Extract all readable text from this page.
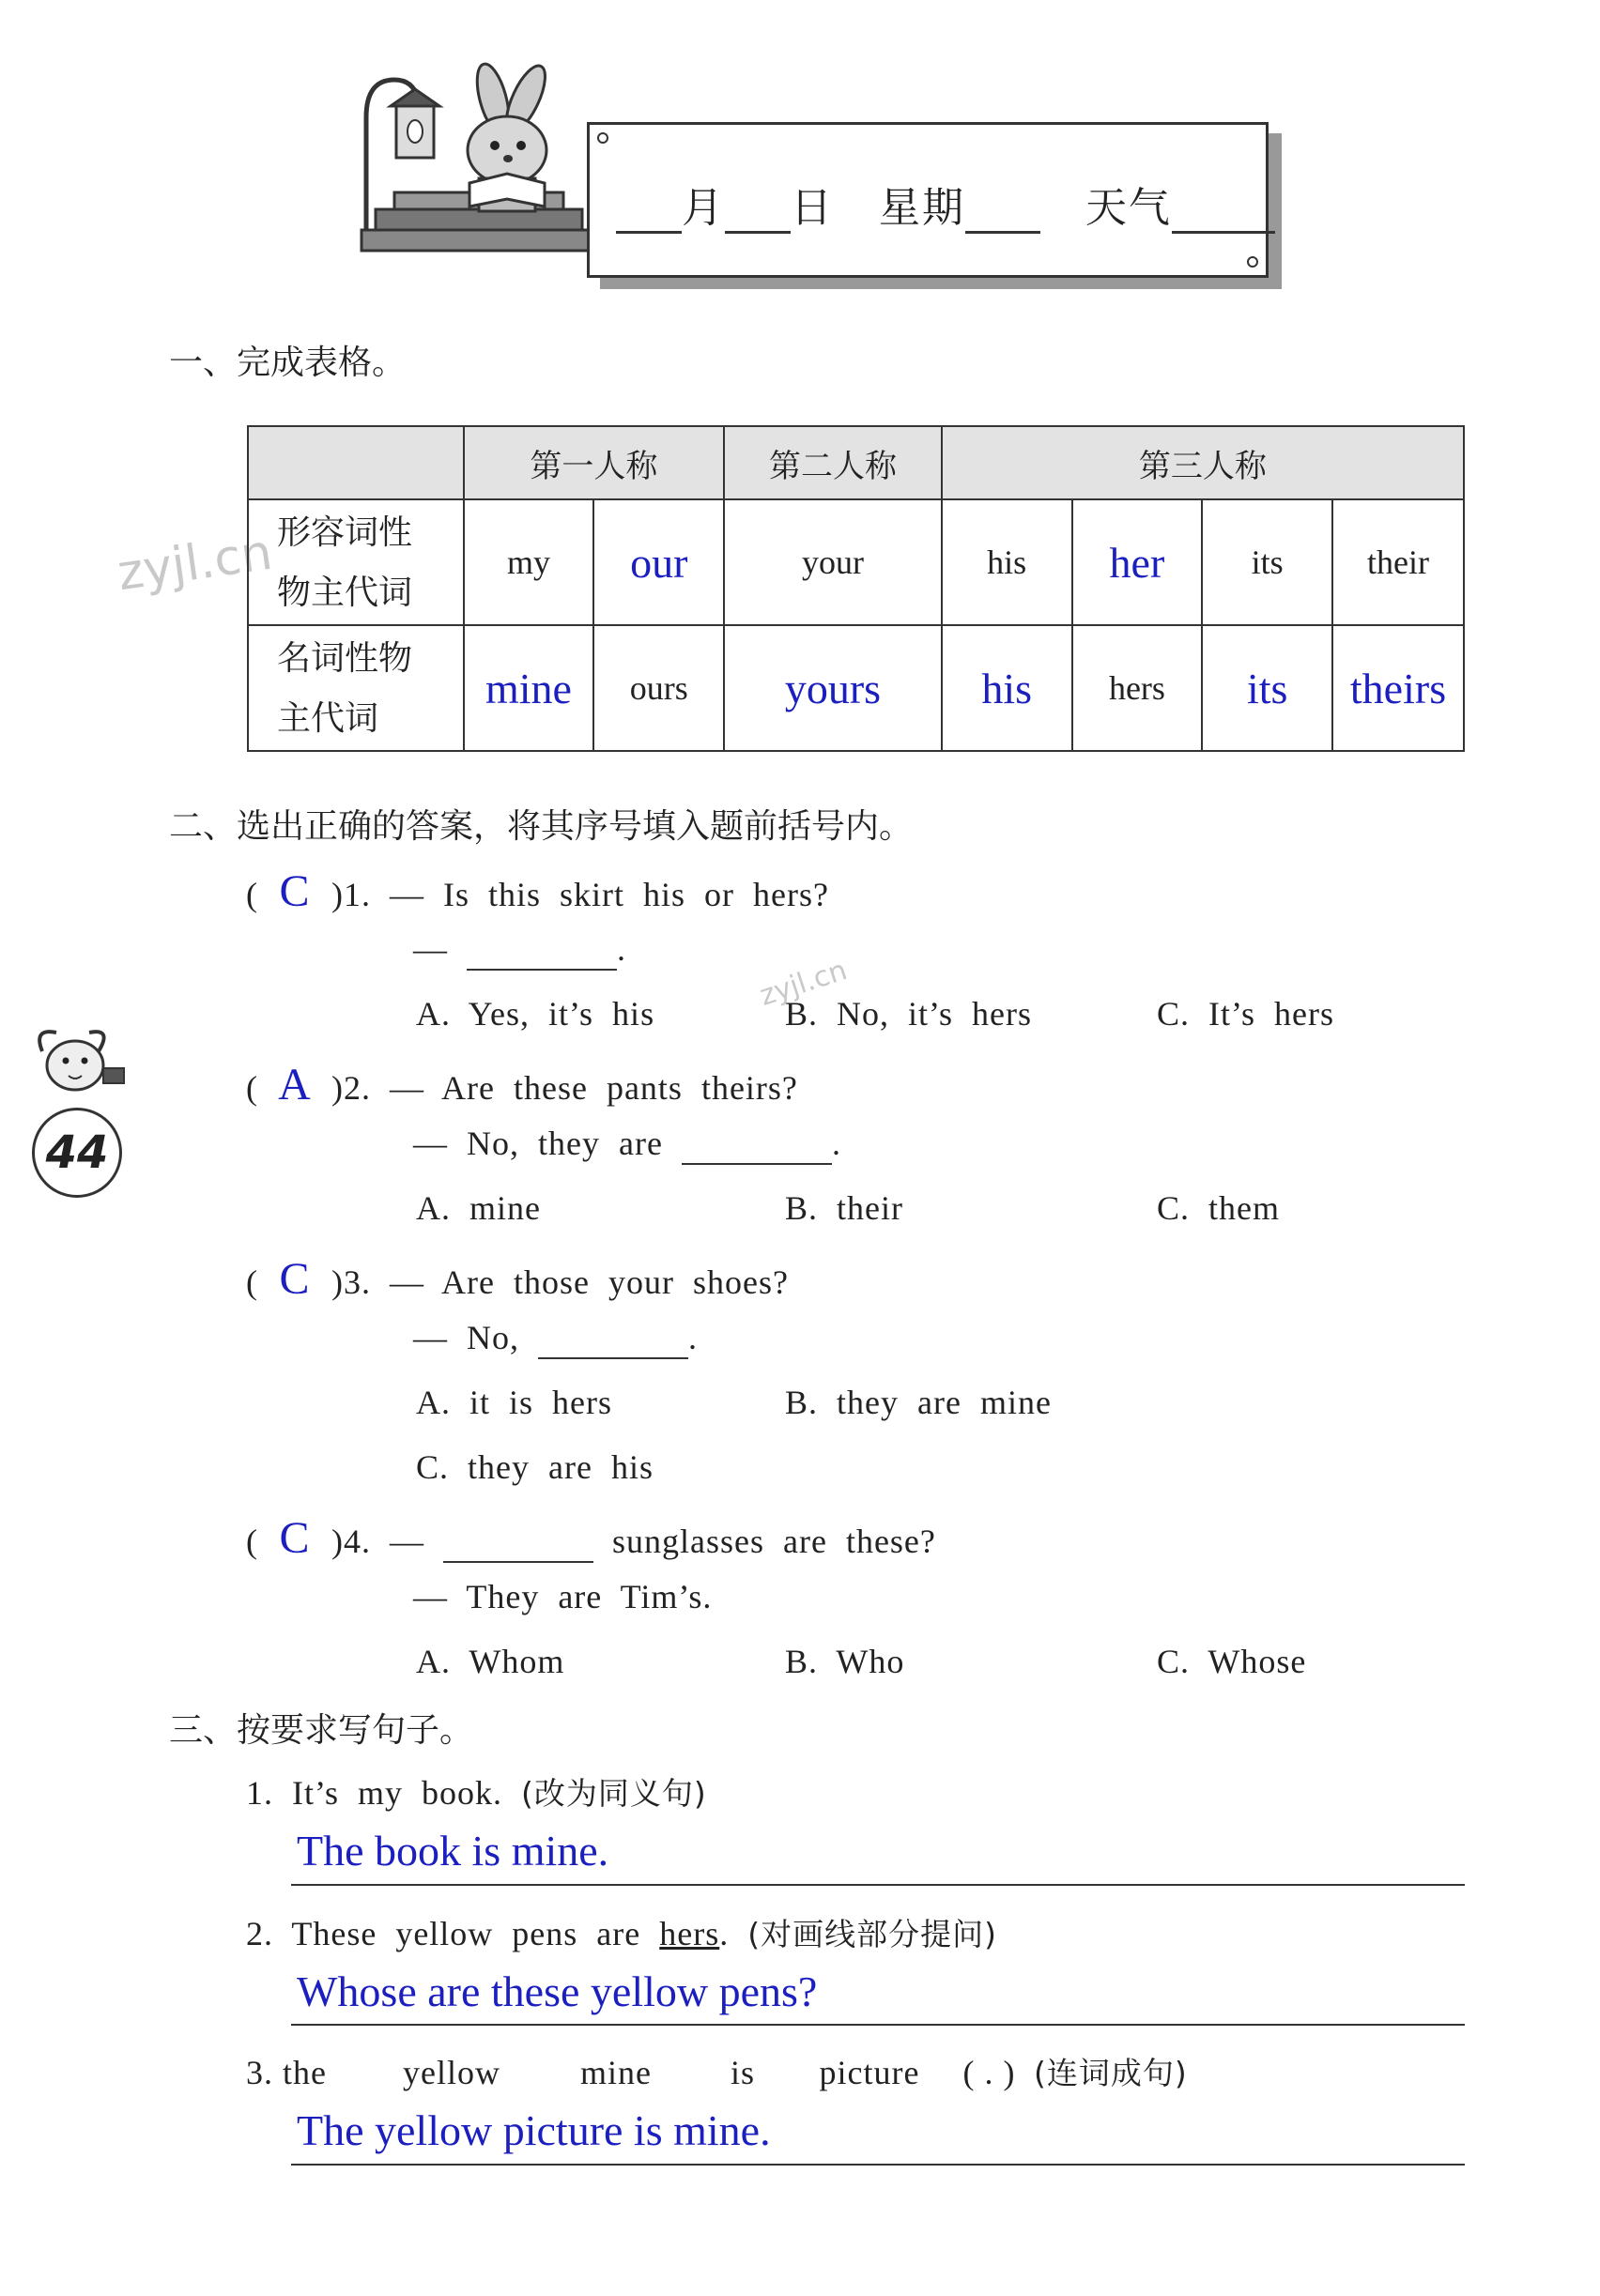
月 日 星期	天气
一、完成表格。
zyjl.cn
	第一人称		第二人称	第三人称			
形容词性
物主代词	my	our	your	his	her	its	their
名词性物
主代词	mine	ours	yours	his	hers	its	theirs
二、选出正确的答案，将其序号填入题前括号内。
44
zyjl.cn
( C )1. — Is this skirt his or hers?
—	.
A. Yes, it’s his	B. No, it’s hers	C. It’s hers
( A )2. — Are these pants theirs?
— No, they are	.
A. mine	B. their	C. them
( C )3. — Are those your shoes?
— No,	.
A. it is hers	B. they are mine
C. they are his
( C )4. —	sunglasses are these?
— They are Tim’s.
A. Whom	B. Who	C. Whose
三、按要求写句子。
1. It’s my book. (改为同义句)
The book is mine.
2. These yellow pens are hers. (对画线部分提问)
Whose are these yellow pens?
3. the yellow mine is picture ( . ) (连词成句)
The yellow picture is mine.
